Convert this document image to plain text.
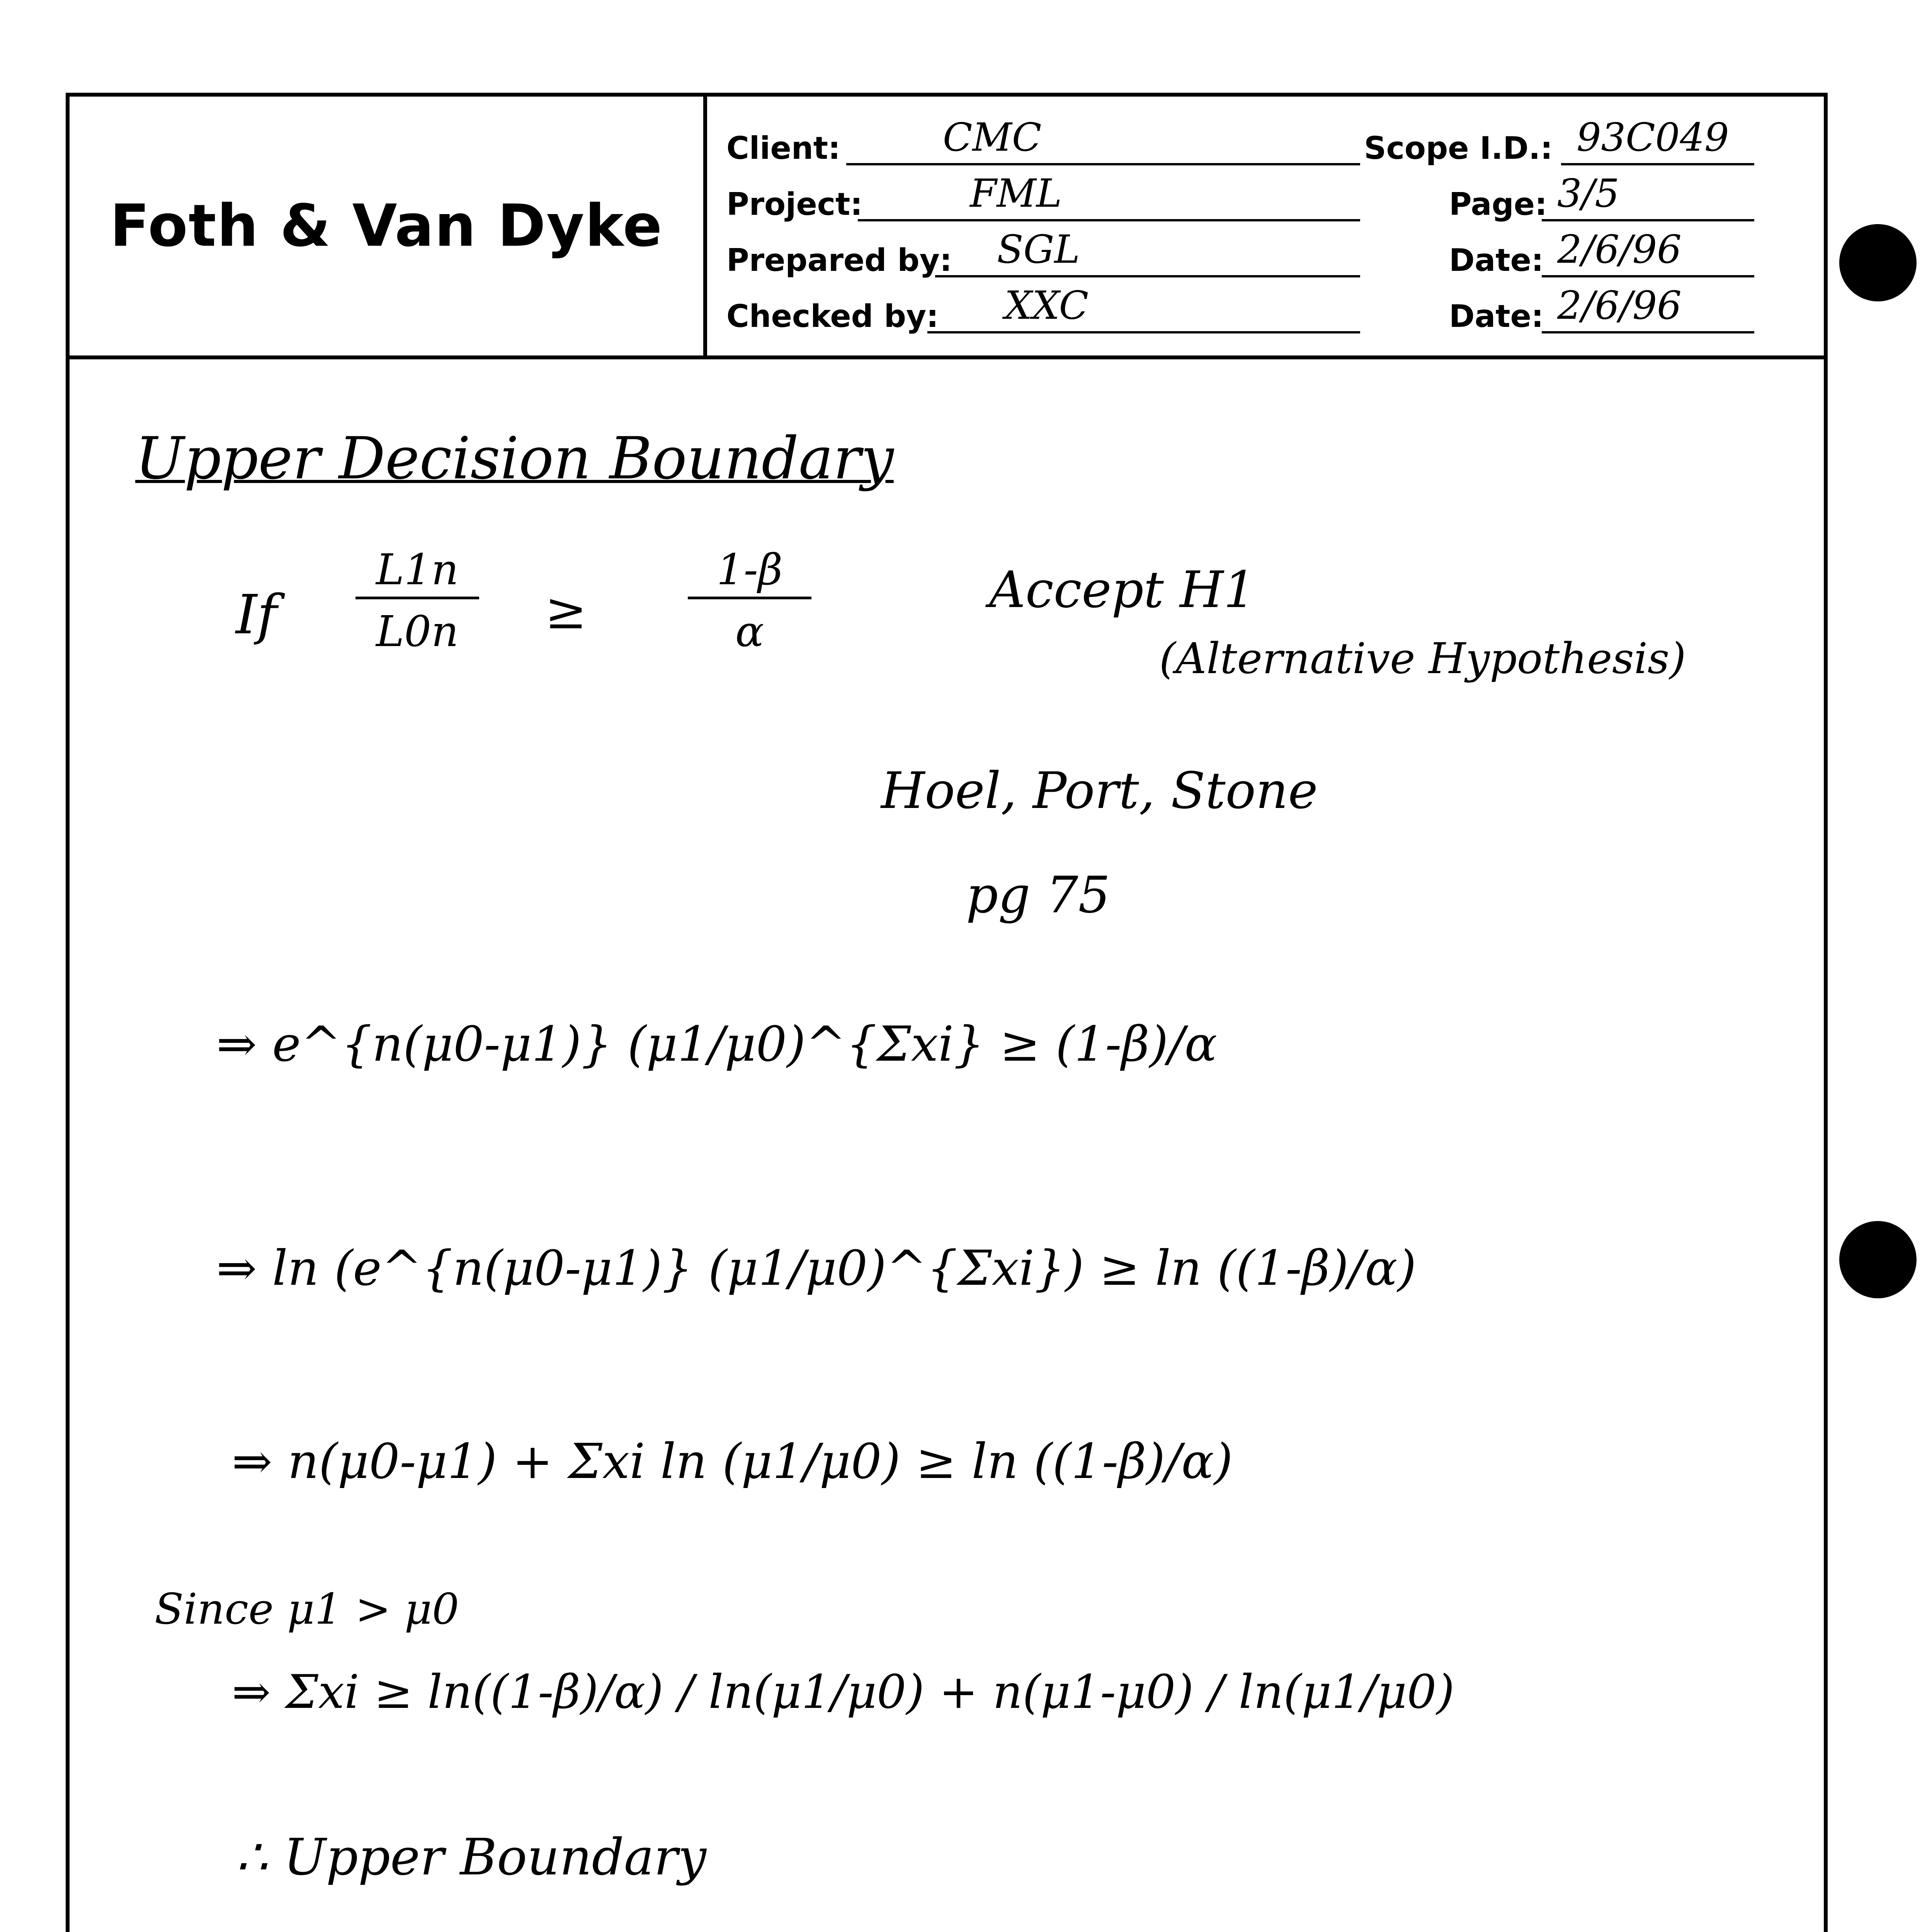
Foth & Van Dyke
Client:	CMC	Scope I.D.: 93C049
Project:	FML	Page: 3/5
Prepared by: SGL	Date: 2/6/96
Checked by: XXC	Date: 2/6/96
Upper Decision Boundary
If
L1n
L0n	≥
1-β
α
Accept H1
(Alternative Hypothesis)
Hoel, Port, Stone
pg 75
⇒ e^{n(μ0-μ1)} (μ1/μ0)^{Σxi} ≥ (1-β)/α
⇒ ln (e^{n(μ0-μ1)} (μ1/μ0)^{Σxi}) ≥ ln ((1-β)/α)
⇒ n(μ0-μ1) + Σxi ln (μ1/μ0) ≥ ln ((1-β)/α)
Since μ1 > μ0
⇒ Σxi ≥ ln((1-β)/α) / ln(μ1/μ0) + n(μ1-μ0) / ln(μ1/μ0)
∴ Upper Boundary
